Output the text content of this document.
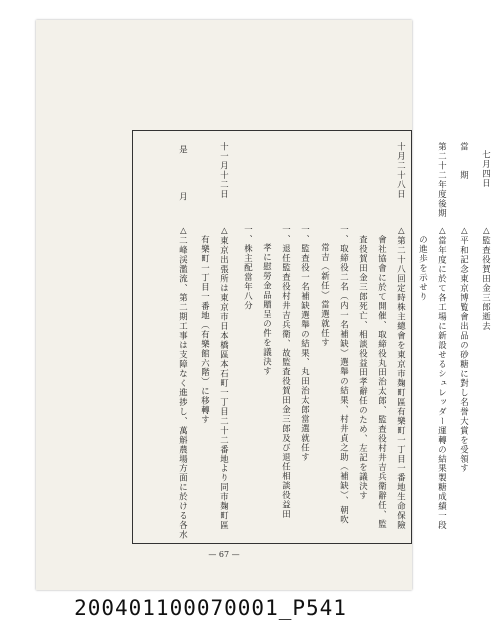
— 67 —
七月四日
△監査役賀田金三郎逝去
當　　期
△平和記念東京博覧會出品の砂糖に對し名誉大賞を受領す
第二十二年度後期
△當年度に於て各工場に新設せるシュレッダー運轉の結果製糖成績一段
の進歩を示せり
十月二十八日
△第二十八回定時株主總會を東京市麹町區有樂町一丁目一番地生命保險
會社協會に於て開催、取締役丸田治太郎、監査役村井吉兵衛辭任、監
査役賀田金三郎死亡、相談役益田孝辭任のため、左記を議決す
一、取締役二名（内一名補缺）選舉の結果、村井貞之助（補缺）、朝吹
常吉（新任）當選就任す
一、監査役一名補缺選舉の結果、丸田治太郎當選就任す
一、退任監査役村井吉兵衛、故監査役賀田金三郎及び退任相談役益田
孝に慰勞金品贈呈の件を議決す
一、株主配當年八分
十一月十二日
△東京出張所は東京市日本橋區本石町一丁目二十二番地より同市麹町區
有樂町一丁目一番地（有樂館六階）に移轉す
是
月
△二峰渓濫流、第二期工事は支障なく進捗し、萬斛農場方面に於ける各水
200401100070001_P541
